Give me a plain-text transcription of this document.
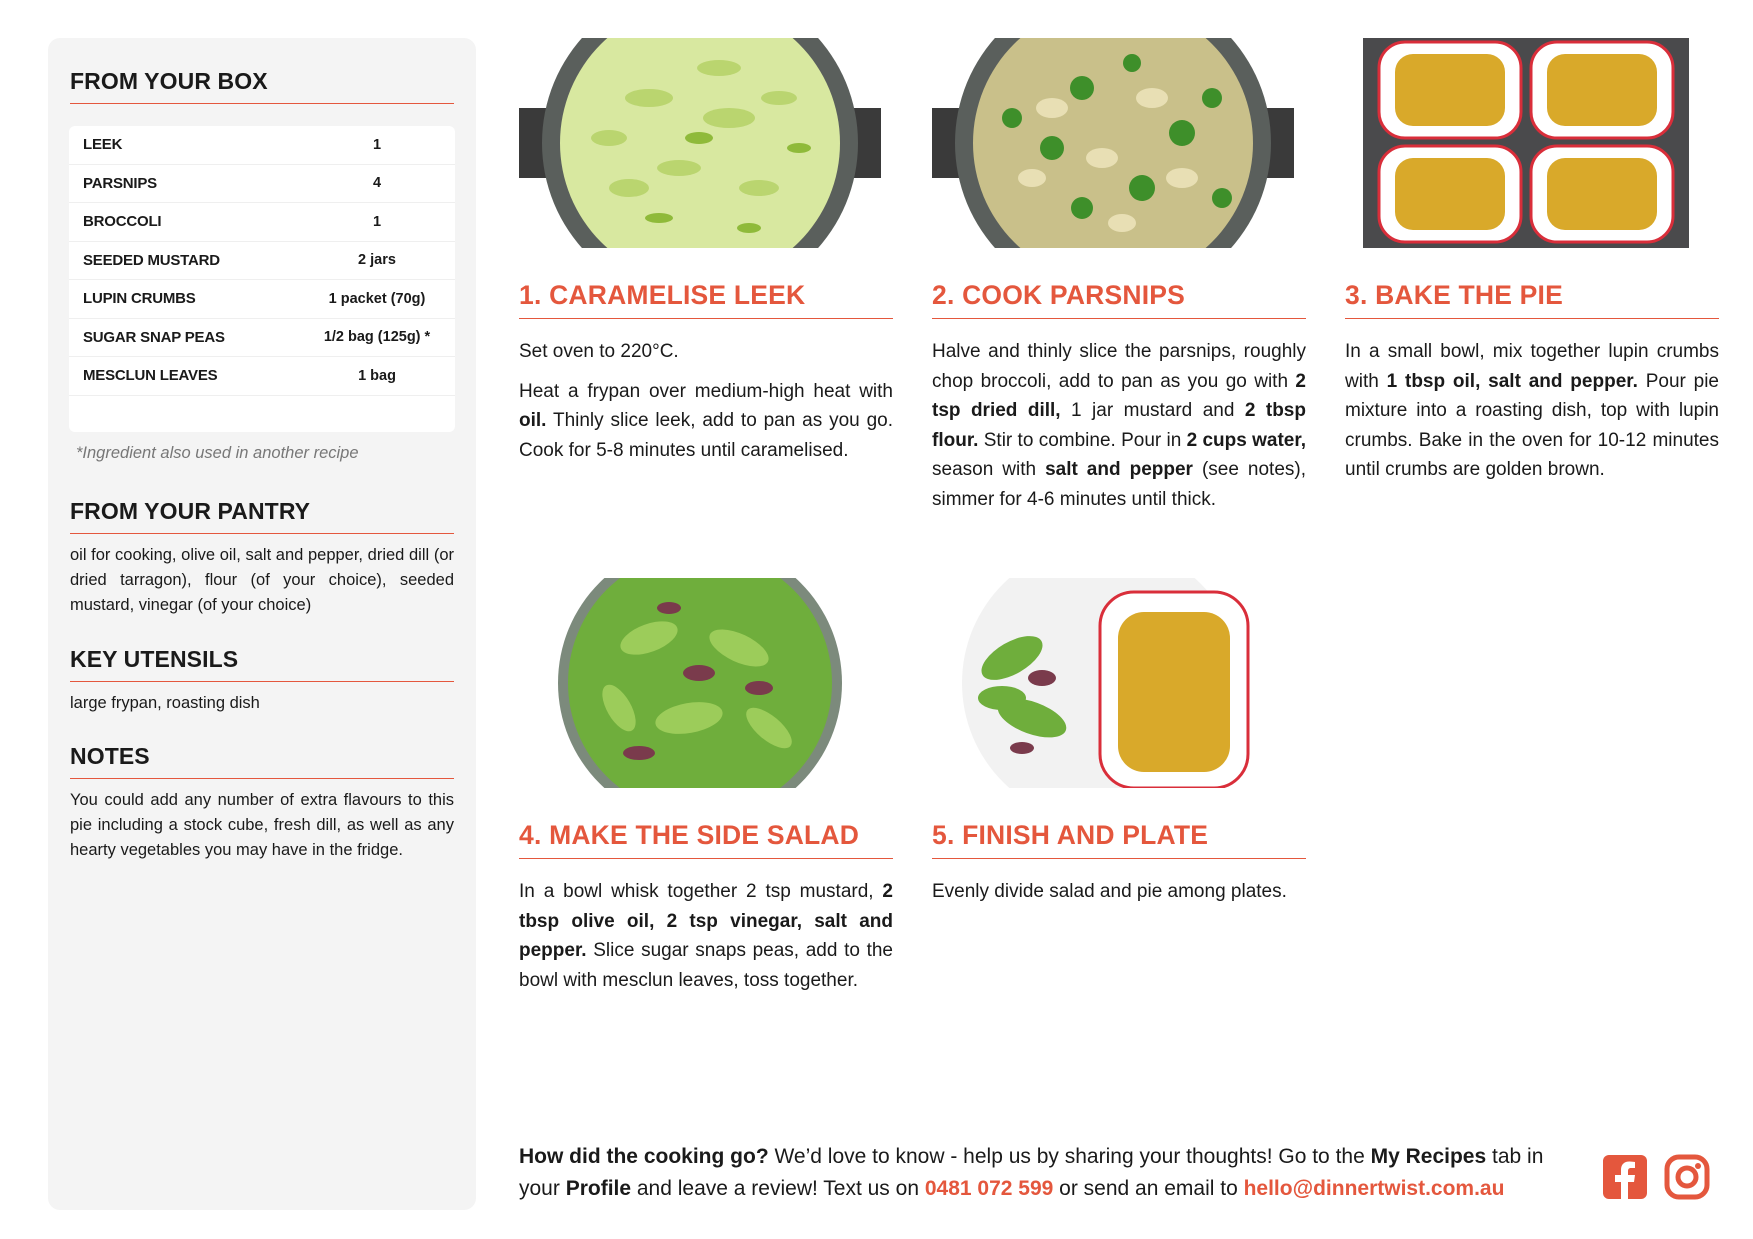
FROM YOUR BOX
LEEK	1
PARSNIPS	4
BROCCOLI	1
SEEDED MUSTARD	2 jars
LUPIN CRUMBS	1 packet (70g)
SUGAR SNAP PEAS	1/2 bag (125g) *
MESCLUN LEAVES	1 bag
*Ingredient also used in another recipe
FROM YOUR PANTRY
oil for cooking, olive oil, salt and pepper, dried dill (or dried tarragon), flour (of your choice), seeded mustard, vinegar (of your choice)
KEY UTENSILS
large frypan, roasting dish
NOTES
You could add any number of extra flavours to this pie including a stock cube, fresh dill, as well as any hearty vegetables you may have in the fridge.
1. CARAMELISE LEEK

Set oven to 220°C.

Heat a frypan over medium-high heat with oil. Thinly slice leek, add to pan as you go. Cook for 5-8 minutes until caramelised.

2. COOK PARSNIPS

Halve and thinly slice the parsnips, roughly chop broccoli, add to pan as you go with 2 tsp dried dill, 1 jar mustard and 2 tbsp flour. Stir to combine. Pour in 2 cups water, season with salt and pepper (see notes), simmer for 4-6 minutes until thick.

3. BAKE THE PIE

In a small bowl, mix together lupin crumbs with 1 tbsp oil, salt and pepper. Pour pie mixture into a roasting dish, top with lupin crumbs. Bake in the oven for 10-12 minutes until crumbs are golden brown.

4. MAKE THE SIDE SALAD

In a bowl whisk together 2 tsp mustard, 2 tbsp olive oil, 2 tsp vinegar, salt and pepper. Slice sugar snaps peas, add to the bowl with mesclun leaves, toss together.

5. FINISH AND PLATE

Evenly divide salad and pie among plates.

How did the cooking go? We’d love to know - help us by sharing your thoughts! Go to the My Recipes tab in your Profile and leave a review! Text us on 0481 072 599 or send an email to hello@dinnertwist.com.au
